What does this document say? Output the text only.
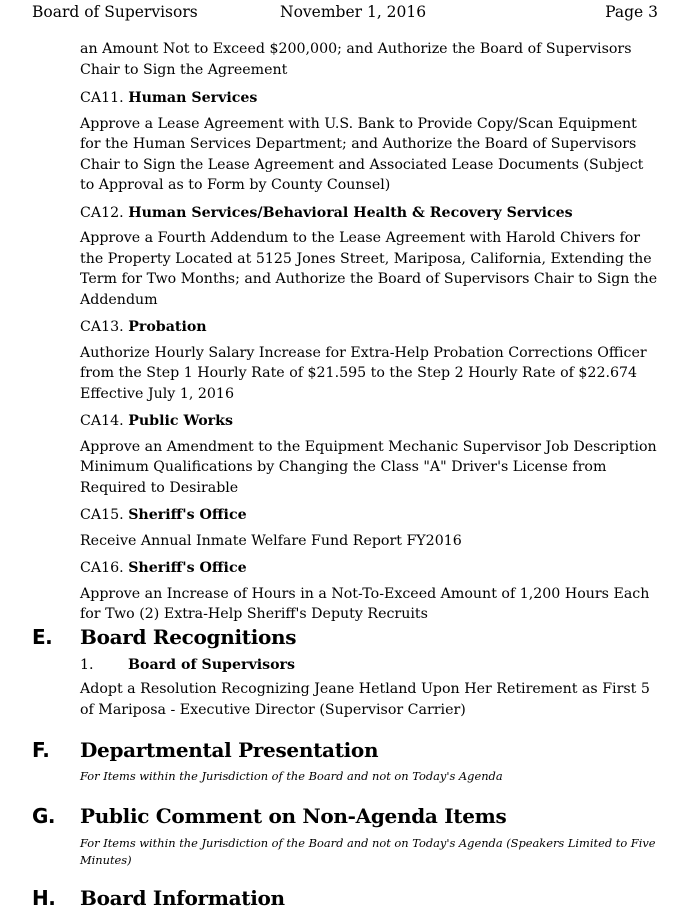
Board of Supervisors	November 1, 2016	Page 3

an Amount Not to Exceed $200,000; and Authorize the Board of Supervisors Chair to Sign the Agreement

CA11. Human Services

Approve a Lease Agreement with U.S. Bank to Provide Copy/Scan Equipment for the Human Services Department; and Authorize the Board of Supervisors Chair to Sign the Lease Agreement and Associated Lease Documents (Subject to Approval as to Form by County Counsel)

CA12. Human Services/Behavioral Health & Recovery Services

Approve a Fourth Addendum to the Lease Agreement with Harold Chivers for the Property Located at 5125 Jones Street, Mariposa, California, Extending the Term for Two Months; and Authorize the Board of Supervisors Chair to Sign the Addendum

CA13. Probation

Authorize Hourly Salary Increase for Extra-Help Probation Corrections Officer from the Step 1 Hourly Rate of $21.595 to the Step 2 Hourly Rate of $22.674 Effective July 1, 2016

CA14. Public Works

Approve an Amendment to the Equipment Mechanic Supervisor Job Description Minimum Qualifications by Changing the Class "A" Driver's License from Required to Desirable

CA15. Sheriff's Office

Receive Annual Inmate Welfare Fund Report FY2016

CA16. Sheriff's Office

Approve an Increase of Hours in a Not-To-Exceed Amount of 1,200 Hours Each for Two (2) Extra-Help Sheriff's Deputy Recruits

E. Board Recognitions
1. Board of Supervisors

Adopt a Resolution Recognizing Jeane Hetland Upon Her Retirement as First 5 of Mariposa - Executive Director (Supervisor Carrier)

F. Departmental Presentation

For Items within the Jurisdiction of the Board and not on Today's Agenda

G. Public Comment on Non-Agenda Items

For Items within the Jurisdiction of the Board and not on Today's Agenda (Speakers Limited to Five Minutes)

H. Board Information
